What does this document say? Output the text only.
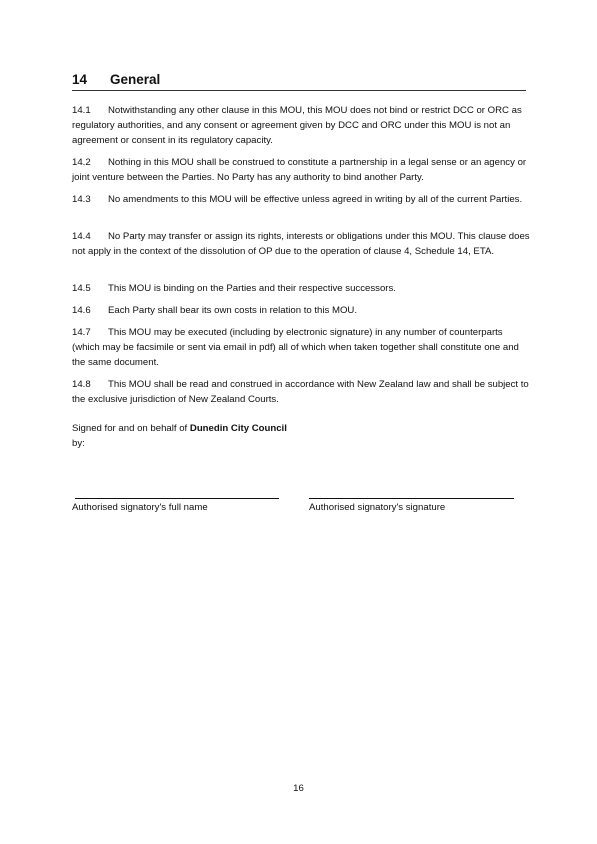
14 General
14.1 Notwithstanding any other clause in this MOU, this MOU does not bind or restrict DCC or ORC as regulatory authorities, and any consent or agreement given by DCC and ORC under this MOU is not an agreement or consent in its regulatory capacity.
14.2 Nothing in this MOU shall be construed to constitute a partnership in a legal sense or an agency or joint venture between the Parties. No Party has any authority to bind another Party.
14.3 No amendments to this MOU will be effective unless agreed in writing by all of the current Parties.
14.4 No Party may transfer or assign its rights, interests or obligations under this MOU. This clause does not apply in the context of the dissolution of OP due to the operation of clause 4, Schedule 14, ETA.
14.5 This MOU is binding on the Parties and their respective successors.
14.6 Each Party shall bear its own costs in relation to this MOU.
14.7 This MOU may be executed (including by electronic signature) in any number of counterparts (which may be facsimile or sent via email in pdf) all of which when taken together shall constitute one and the same document.
14.8 This MOU shall be read and construed in accordance with New Zealand law and shall be subject to the exclusive jurisdiction of New Zealand Courts.
Signed for and on behalf of Dunedin City Council
by:
Authorised signatory's full name	Authorised signatory's signature
16
